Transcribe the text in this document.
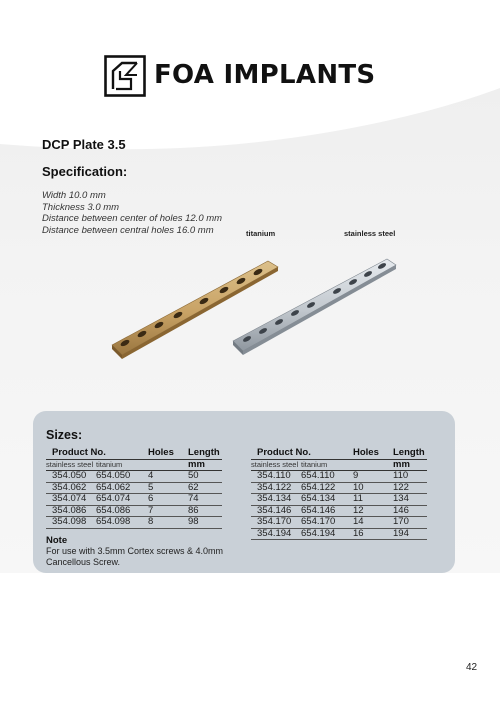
FOA IMPLANTS
DCP Plate 3.5
Specification:
Width 10.0 mm
Thickness 3.0 mm
Distance between center of holes 12.0 mm
Distance between central holes 16.0 mm	titanium	stainless steel
Sizes:
Product No.		Holes	Length
stainless steel	titanium		mm
354.050	654.050	4	50
354.062	654.062	5	62
354.074	654.074	6	74
354.086	654.086	7	86
354.098	654.098	8	98
Product No.		Holes	Length
stainless steel	titanium		mm
354.110	654.110	9	110
354.122	654.122	10	122
354.134	654.134	11	134
354.146	654.146	12	146
354.170	654.170	14	170
354.194	654.194	16	194
Note
For use with 3.5mm Cortex screws & 4.0mm Cancellous Screw.
42
